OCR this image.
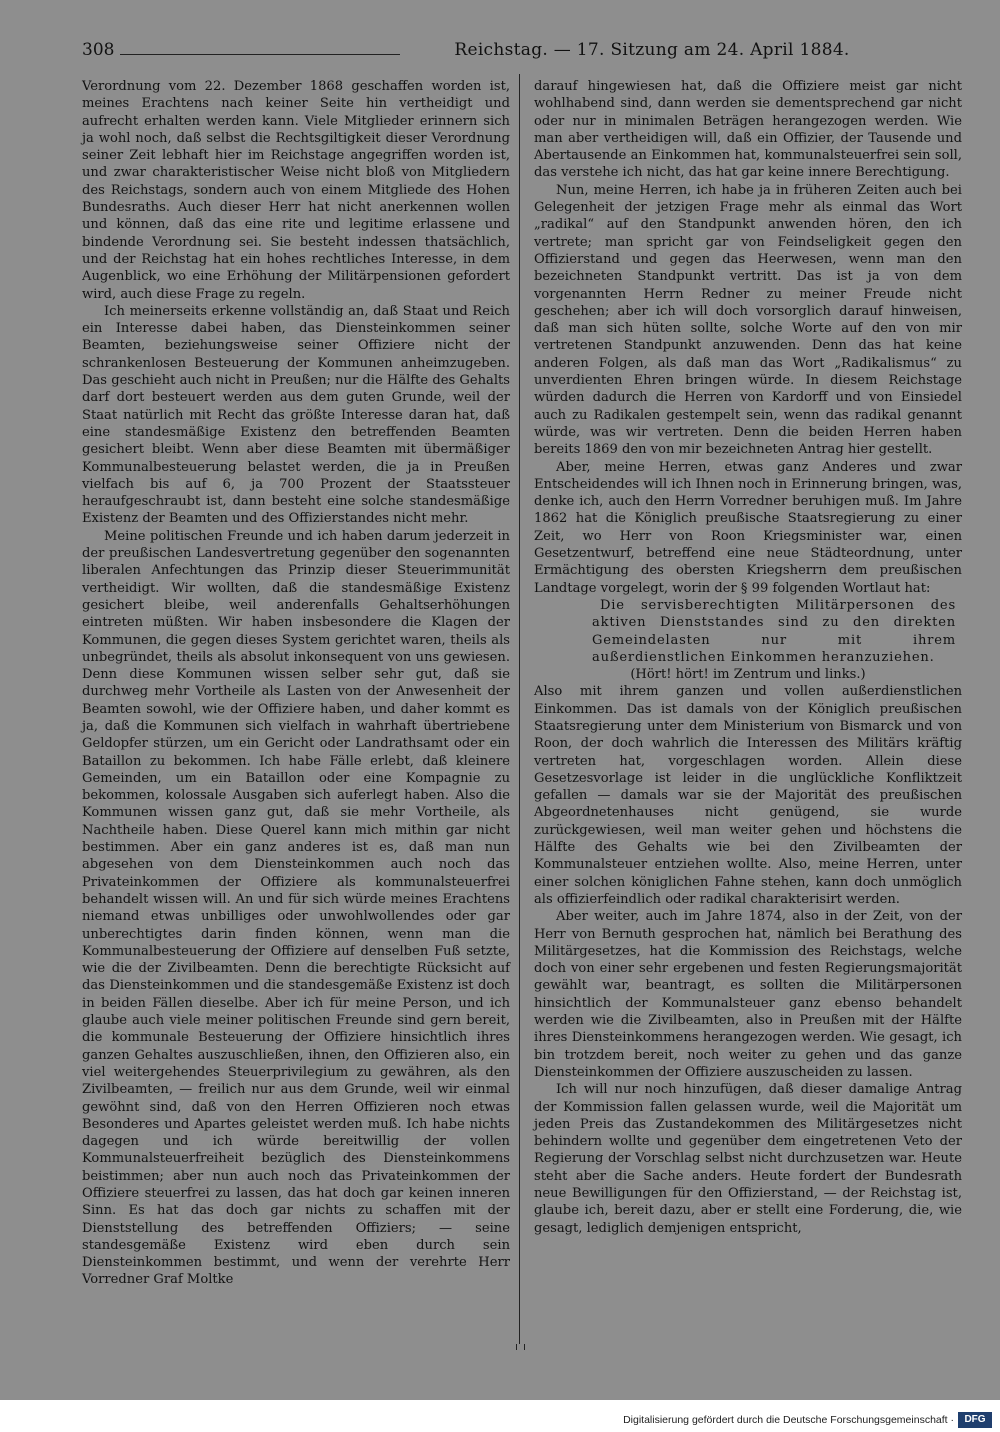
308	Reichstag. — 17. Sitzung am 24. April 1884.

Verordnung vom 22. Dezember 1868 geschaffen worden ist, meines Erachtens nach keiner Seite hin vertheidigt und aufrecht erhalten werden kann. Viele Mitglieder erinnern sich ja wohl noch, daß selbst die Rechtsgiltigkeit dieser Verordnung seiner Zeit lebhaft hier im Reichstage angegriffen worden ist, und zwar charakteristischer Weise nicht bloß von Mitgliedern des Reichstags, sondern auch von einem Mitgliede des Hohen Bundesraths. Auch dieser Herr hat nicht anerkennen wollen und können, daß das eine rite und legitime erlassene und bindende Verordnung sei. Sie besteht indessen thatsächlich, und der Reichstag hat ein hohes rechtliches Interesse, in dem Augenblick, wo eine Erhöhung der Militärpensionen gefordert wird, auch diese Frage zu regeln.

Ich meinerseits erkenne vollständig an, daß Staat und Reich ein Interesse dabei haben, das Diensteinkommen seiner Beamten, beziehungsweise seiner Offiziere nicht der schrankenlosen Besteuerung der Kommunen anheimzugeben. Das geschieht auch nicht in Preußen; nur die Hälfte des Gehalts darf dort besteuert werden aus dem guten Grunde, weil der Staat natürlich mit Recht das größte Interesse daran hat, daß eine standesmäßige Existenz den betreffenden Beamten gesichert bleibt. Wenn aber diese Beamten mit übermäßiger Kommunalbesteuerung belastet werden, die ja in Preußen vielfach bis auf 6, ja 700 Prozent der Staatssteuer heraufgeschraubt ist, dann besteht eine solche standesmäßige Existenz der Beamten und des Offizierstandes nicht mehr.

Meine politischen Freunde und ich haben darum jederzeit in der preußischen Landesvertretung gegenüber den sogenannten liberalen Anfechtungen das Prinzip dieser Steuerimmunität vertheidigt. Wir wollten, daß die standesmäßige Existenz gesichert bleibe, weil anderenfalls Gehaltserhöhungen eintreten müßten. Wir haben insbesondere die Klagen der Kommunen, die gegen dieses System gerichtet waren, theils als unbegründet, theils als absolut inkonsequent von uns gewiesen. Denn diese Kommunen wissen selber sehr gut, daß sie durchweg mehr Vortheile als Lasten von der Anwesenheit der Beamten sowohl, wie der Offiziere haben, und daher kommt es ja, daß die Kommunen sich vielfach in wahrhaft übertriebene Geldopfer stürzen, um ein Gericht oder Landrathsamt oder ein Bataillon zu bekommen. Ich habe Fälle erlebt, daß kleinere Gemeinden, um ein Bataillon oder eine Kompagnie zu bekommen, kolossale Ausgaben sich auferlegt haben. Also die Kommunen wissen ganz gut, daß sie mehr Vortheile, als Nachtheile haben. Diese Querel kann mich mithin gar nicht bestimmen. Aber ein ganz anderes ist es, daß man nun abgesehen von dem Diensteinkommen auch noch das Privateinkommen der Offiziere als kommunalsteuerfrei behandelt wissen will. An und für sich würde meines Erachtens niemand etwas unbilliges oder unwohlwollendes oder gar unberechtigtes darin finden können, wenn man die Kommunalbesteuerung der Offiziere auf denselben Fuß setzte, wie die der Zivilbeamten. Denn die berechtigte Rücksicht auf das Diensteinkommen und die standesgemäße Existenz ist doch in beiden Fällen dieselbe. Aber ich für meine Person, und ich glaube auch viele meiner politischen Freunde sind gern bereit, die kommunale Besteuerung der Offiziere hinsichtlich ihres ganzen Gehaltes auszuschließen, ihnen, den Offizieren also, ein viel weitergehendes Steuerprivilegium zu gewähren, als den Zivilbeamten, — freilich nur aus dem Grunde, weil wir einmal gewöhnt sind, daß von den Herren Offizieren noch etwas Besonderes und Apartes geleistet werden muß. Ich habe nichts dagegen und ich würde bereitwillig der vollen Kommunalsteuerfreiheit bezüglich des Diensteinkommens beistimmen; aber nun auch noch das Privateinkommen der Offiziere steuerfrei zu lassen, das hat doch gar keinen inneren Sinn. Es hat das doch gar nichts zu schaffen mit der Dienststellung des betreffenden Offiziers; — seine standesgemäße Existenz wird eben durch sein Diensteinkommen bestimmt, und wenn der verehrte Herr Vorredner Graf Moltke

darauf hingewiesen hat, daß die Offiziere meist gar nicht wohlhabend sind, dann werden sie dementsprechend gar nicht oder nur in minimalen Beträgen herangezogen werden. Wie man aber vertheidigen will, daß ein Offizier, der Tausende und Abertausende an Einkommen hat, kommunalsteuerfrei sein soll, das verstehe ich nicht, das hat gar keine innere Berechtigung.

Nun, meine Herren, ich habe ja in früheren Zeiten auch bei Gelegenheit der jetzigen Frage mehr als einmal das Wort „radikal“ auf den Standpunkt anwenden hören, den ich vertrete; man spricht gar von Feindseligkeit gegen den Offizierstand und gegen das Heerwesen, wenn man den bezeichneten Standpunkt vertritt. Das ist ja von dem vorgenannten Herrn Redner zu meiner Freude nicht geschehen; aber ich will doch vorsorglich darauf hinweisen, daß man sich hüten sollte, solche Worte auf den von mir vertretenen Standpunkt anzuwenden. Denn das hat keine anderen Folgen, als daß man das Wort „Radikalismus“ zu unverdienten Ehren bringen würde. In diesem Reichstage würden dadurch die Herren von Kardorff und von Einsiedel auch zu Radikalen gestempelt sein, wenn das radikal genannt würde, was wir vertreten. Denn die beiden Herren haben bereits 1869 den von mir bezeichneten Antrag hier gestellt.

Aber, meine Herren, etwas ganz Anderes und zwar Entscheidendes will ich Ihnen noch in Erinnerung bringen, was, denke ich, auch den Herrn Vorredner beruhigen muß. Im Jahre 1862 hat die Königlich preußische Staatsregierung zu einer Zeit, wo Herr von Roon Kriegsminister war, einen Gesetzentwurf, betreffend eine neue Städteordnung, unter Ermächtigung des obersten Kriegsherrn dem preußischen Landtage vorgelegt, worin der § 99 folgenden Wortlaut hat:

Die servisberechtigten Militärpersonen des aktiven Dienststandes sind zu den direkten Gemeindelasten nur mit ihrem außerdienstlichen Einkommen heranzuziehen.

(Hört! hört! im Zentrum und links.)

Also mit ihrem ganzen und vollen außerdienstlichen Einkommen. Das ist damals von der Königlich preußischen Staatsregierung unter dem Ministerium von Bismarck und von Roon, der doch wahrlich die Interessen des Militärs kräftig vertreten hat, vorgeschlagen worden. Allein diese Gesetzesvorlage ist leider in die unglückliche Konfliktzeit gefallen — damals war sie der Majorität des preußischen Abgeordnetenhauses nicht genügend, sie wurde zurückgewiesen, weil man weiter gehen und höchstens die Hälfte des Gehalts wie bei den Zivilbeamten der Kommunalsteuer entziehen wollte. Also, meine Herren, unter einer solchen königlichen Fahne stehen, kann doch unmöglich als offizierfeindlich oder radikal charakterisirt werden.

Aber weiter, auch im Jahre 1874, also in der Zeit, von der Herr von Bernuth gesprochen hat, nämlich bei Berathung des Militärgesetzes, hat die Kommission des Reichstags, welche doch von einer sehr ergebenen und festen Regierungsmajorität gewählt war, beantragt, es sollten die Militärpersonen hinsichtlich der Kommunalsteuer ganz ebenso behandelt werden wie die Zivilbeamten, also in Preußen mit der Hälfte ihres Diensteinkommens herangezogen werden. Wie gesagt, ich bin trotzdem bereit, noch weiter zu gehen und das ganze Diensteinkommen der Offiziere auszuscheiden zu lassen.

Ich will nur noch hinzufügen, daß dieser damalige Antrag der Kommission fallen gelassen wurde, weil die Majorität um jeden Preis das Zustandekommen des Militärgesetzes nicht behindern wollte und gegenüber dem eingetretenen Veto der Regierung der Vorschlag selbst nicht durchzusetzen war. Heute steht aber die Sache anders. Heute fordert der Bundesrath neue Bewilligungen für den Offizierstand, — der Reichstag ist, glaube ich, bereit dazu, aber er stellt eine Forderung, die, wie gesagt, lediglich demjenigen entspricht,

Digitalisierung gefördert durch die Deutsche Forschungsgemeinschaft ·	DFG
